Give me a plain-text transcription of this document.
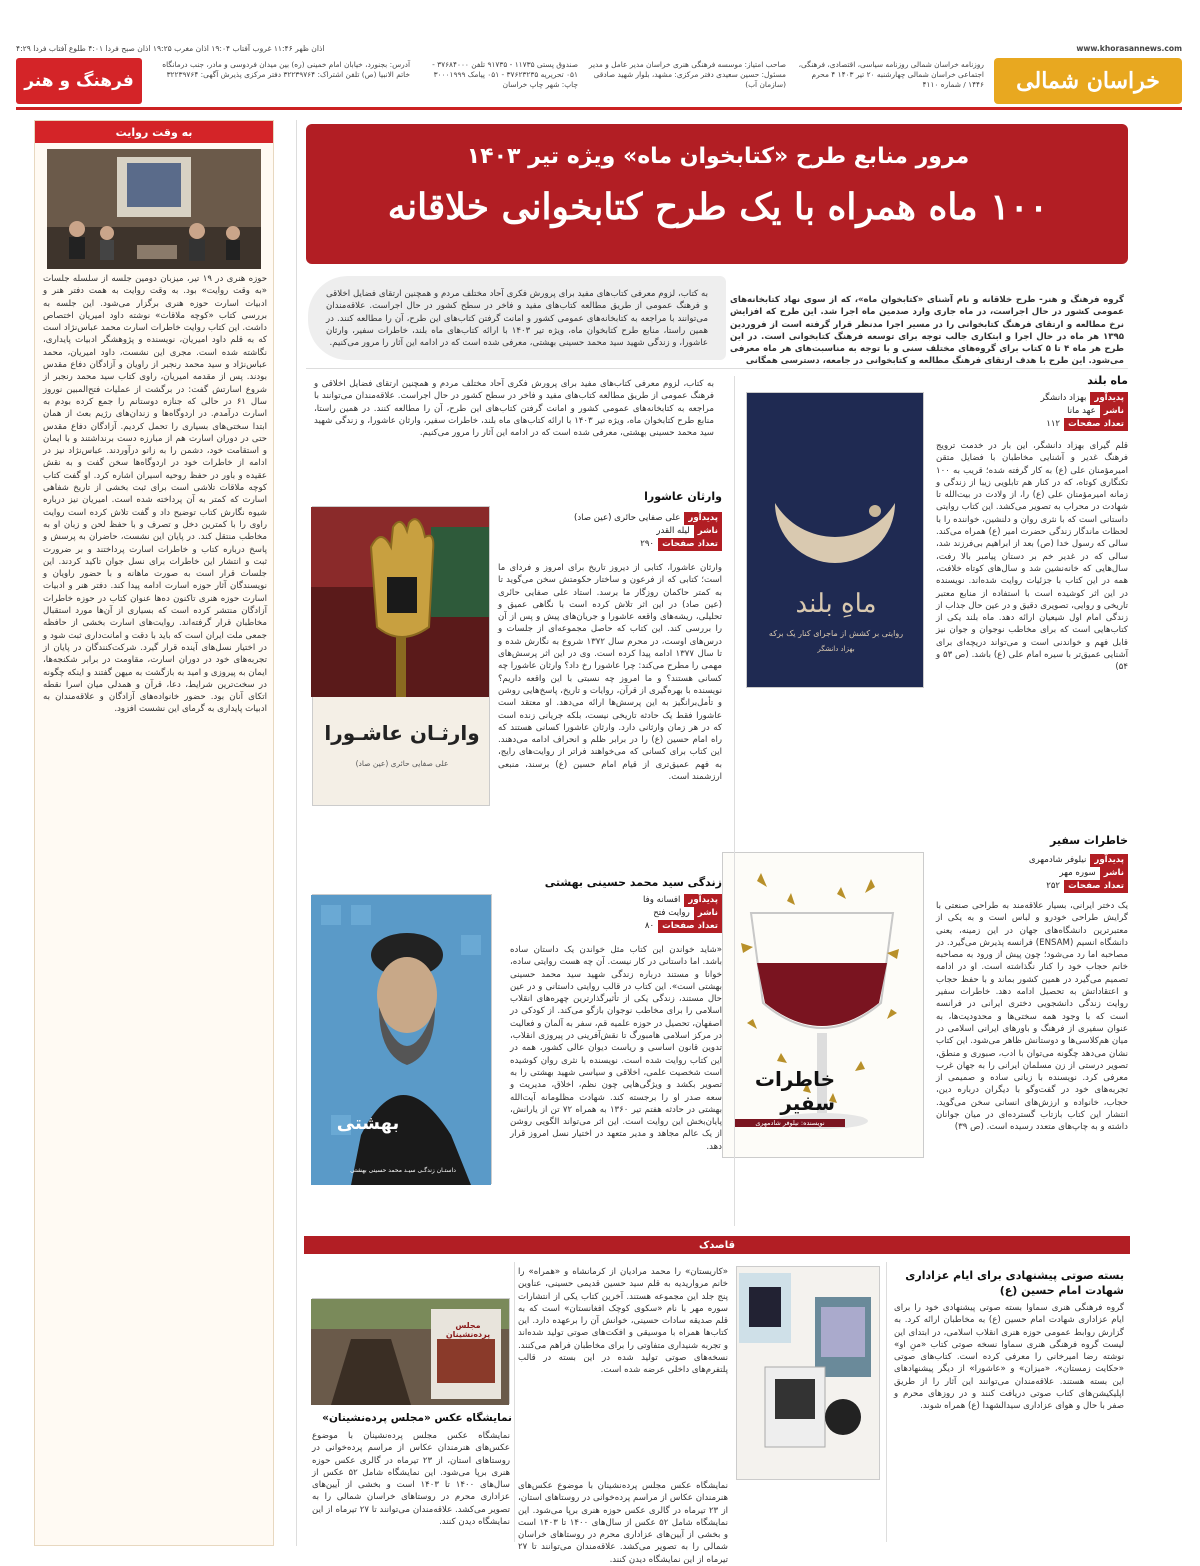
www.khorasannews.com
اذان ظهر ۱۱:۴۶ غروب آفتاب ۱۹:۰۴ اذان مغرب ۱۹:۲۵ اذان صبح فردا ۴:۰۱ طلوع آفتاب فردا ۴:۲۹
خراسان شمالی
روزنامه خراسان شمالی روزنامه سیاسی، اقتصادی، فرهنگی، اجتماعی خراسان شمالی چهارشنبه ۲۰ تیر ۱۴۰۳ ۴ محرم ۱۴۴۶ / شماره ۴۱۱۰
صاحب امتیاز: موسسه فرهنگی هنری خراسان مدیر عامل و مدیر مسئول: حسین سعیدی دفتر مرکزی: مشهد، بلوار شهید صادقی (سازمان آب)
صندوق پستی ۱۱۷۳۵ - ۹۱۷۳۵ تلفن ۳۷۶۸۴۰۰۰ - ۰۵۱ تحریریه ۳۷۶۲۳۲۳۵ - ۰۵۱ پیامک ۳۰۰۰۱۹۹۹ چاپ: شهر چاپ خراسان
آدرس: بجنورد، خیابان امام خمینی (ره) بین میدان فردوسی و مادر، جنب درمانگاه خاتم الانبیا (ص) تلفن اشتراک: ۳۲۲۳۹۷۶۴ دفتر مرکزی پذیرش آگهی: ۳۲۲۳۹۷۶۴
فرهنگ و هنر
به وقت روایت
حوزه هنری در ۱۹ تیر، میزبان دومین جلسه از سلسله جلسات «به وقت روایت» بود. به وقت روایت به همت دفتر هنر و ادبیات اسارت حوزه هنری برگزار می‌شود. این جلسه به بررسی کتاب «کوچه ملاقات» نوشته داود امیریان اختصاص داشت. این کتاب روایت خاطرات اسارت محمد عباس‌نژاد است که به قلم داود امیریان، نویسنده و پژوهشگر ادبیات پایداری، نگاشته شده است. مجری این نشست، داود امیریان، محمد عباس‌نژاد و سید محمد رنجبر از راویان و آزادگان دفاع مقدس بودند. پس از مقدمه امیریان، راوی کتاب سید محمد رنجبر از شروع اسارتش گفت: در برگشت از عملیات فتح‌المبین نوروز سال ۶۱ در حالی که جنازه دوستانم را جمع کرده بودم به اسارت درآمدم. در اردوگاه‌ها و زندان‌های رژیم بعث از همان ابتدا سختی‌های بسیاری را تحمل کردیم. آزادگان دفاع مقدس حتی در دوران اسارت هم از مبارزه دست برنداشتند و با ایمان و استقامت خود، دشمن را به زانو درآوردند. عباس‌نژاد نیز در ادامه از خاطرات خود در اردوگاه‌ها سخن گفت و به نقش عقیده و باور در حفظ روحیه اسیران اشاره کرد. او گفت کتاب کوچه ملاقات تلاشی است برای ثبت بخشی از تاریخ شفاهی اسارت که کمتر به آن پرداخته شده است. امیریان نیز درباره شیوه نگارش کتاب توضیح داد و گفت تلاش کرده است روایت راوی را با کمترین دخل و تصرف و با حفظ لحن و زبان او به مخاطب منتقل کند. در پایان این نشست، حاضران به پرسش و پاسخ درباره کتاب و خاطرات اسارت پرداختند و بر ضرورت ثبت و انتشار این خاطرات برای نسل جوان تاکید کردند. این جلسات قرار است به صورت ماهانه و با حضور راویان و نویسندگان آثار حوزه اسارت ادامه پیدا کند. دفتر هنر و ادبیات اسارت حوزه هنری تاکنون ده‌ها عنوان کتاب در حوزه خاطرات آزادگان منتشر کرده است که بسیاری از آن‌ها مورد استقبال مخاطبان قرار گرفته‌اند. روایت‌های اسارت بخشی از حافظه جمعی ملت ایران است که باید با دقت و امانت‌داری ثبت شود و در اختیار نسل‌های آینده قرار گیرد. شرکت‌کنندگان در پایان از تجربه‌های خود در دوران اسارت، مقاومت در برابر شکنجه‌ها، ایمان به پیروزی و امید به بازگشت به میهن گفتند و اینکه چگونه در سخت‌ترین شرایط، دعا، قرآن و همدلی میان اسرا نقطه اتکای آنان بود. حضور خانواده‌های آزادگان و علاقه‌مندان به ادبیات پایداری به گرمای این نشست افزود.
مرور منابع طرح «کتابخوان ماه» ویژه تیر ۱۴۰۳
۱۰۰ ماه همراه با یک طرح کتابخوانی خلاقانه
گروه فرهنگ و هنر- طرح خلاقانه و نام آشنای «کتابخوان ماه»، که از سوی نهاد کتابخانه‌های عمومی کشور در حال اجراست، در ماه جاری وارد صدمین ماه اجرا شد. این طرح که افزایش نرخ مطالعه و ارتقای فرهنگ کتابخوانی را در مسیر اجرا مدنظر قرار گرفته است از فروردین ۱۳۹۵ هر ماه در حال اجرا و ابتکاری جالب توجه برای توسعه فرهنگ کتابخوانی است. در این طرح هر ماه ۴ تا ۵ کتاب برای گروه‌های مختلف سنی و با توجه به مناسبت‌های هر ماه معرفی می‌شود. این طرح با هدف ارتقای فرهنگ مطالعه و کتابخوانی در جامعه، دسترسی همگانی
به کتاب، لزوم معرفی کتاب‌های مفید برای پرورش فکری آحاد مختلف مردم و همچنین ارتقای فضایل اخلاقی و فرهنگ عمومی از طریق مطالعه کتاب‌های مفید و فاخر در سطح کشور در حال اجراست. علاقه‌مندان می‌توانند با مراجعه به کتابخانه‌های عمومی کشور و امانت گرفتن کتاب‌های این طرح، آن را مطالعه کنند. در همین راستا، منابع طرح کتابخوان ماه، ویژه تیر ۱۴۰۳ با ارائه کتاب‌های ماه بلند، خاطرات سفیر، وارثان عاشورا، و زندگی شهید سید محمد حسینی بهشتی، معرفی شده است که در ادامه این آثار را مرور می‌کنیم.
ماه بلند
پدیدآور
بهزاد دانشگر
ناشر
عهد مانا
تعداد صفحات
۱۱۲
ماهِ بلند
روایتی بر کشش از ماجرای کنار یک برکه
بهزاد دانشگر
قلم گیرای بهزاد دانشگر، این بار در خدمت ترویج فرهنگ غدیر و آشنایی مخاطبان با فضایل متقن امیرمؤمنان علی (ع) به کار گرفته شده؛ قریب به ۱۰۰ تکنگاری کوتاه، که در کنار هم تابلویی زیبا از زندگی و زمانه امیرمؤمنان علی (ع) را، از ولادت در بیت‌الله تا شهادت در محراب به تصویر می‌کشد. این کتاب روایتی داستانی است که با نثری روان و دلنشین، خواننده را با لحظات ماندگار زندگی حضرت امیر (ع) همراه می‌کند. سالی که رسول خدا (ص) بعد از ابراهیم بی‌فرزند شد، سالی که در غدیر خم بر دستان پیامبر بالا رفت، سال‌هایی که خانه‌نشین شد و سال‌های کوتاه خلافت، همه در این کتاب با جزئیات روایت شده‌اند. نویسنده در این اثر کوشیده است با استفاده از منابع معتبر تاریخی و روایی، تصویری دقیق و در عین حال جذاب از زندگی امام اول شیعیان ارائه دهد. ماه بلند یکی از کتاب‌هایی است که برای مخاطب نوجوان و جوان نیز قابل فهم و خواندنی است و می‌تواند دریچه‌ای برای آشنایی عمیق‌تر با سیره امام علی (ع) باشد. (ص ۵۳ و ۵۴)
خاطرات سفیر
پدیدآور
نیلوفر شادمهری
ناشر
سوره مهر
تعداد صفحات
۲۵۲
خاطرات سفیر
نویسنده: نیلوفر شادمهری
یک دختر ایرانی، بسیار علاقه‌مند به طراحی صنعتی با گرایش طراحی خودرو و لباس است و به یکی از معتبرترین دانشگاه‌های جهان در این زمینه، یعنی دانشگاه انسیم (ENSAM) فرانسه پذیرش می‌گیرد. در مصاحبه اما رد می‌شود؛ چون پیش از ورود به مصاحبه خانم حجاب خود را کنار نگذاشته است. او در ادامه تصمیم می‌گیرد در همین کشور بماند و با حفظ حجاب و اعتقاداتش به تحصیل ادامه دهد. خاطرات سفیر روایت زندگی دانشجویی دختری ایرانی در فرانسه است که با وجود همه سختی‌ها و محدودیت‌ها، به عنوان سفیری از فرهنگ و باورهای ایرانی اسلامی در میان هم‌کلاسی‌ها و دوستانش ظاهر می‌شود. این کتاب نشان می‌دهد چگونه می‌توان با ادب، صبوری و منطق، تصویر درستی از زن مسلمان ایرانی را به جهان غرب معرفی کرد. نویسنده با زبانی ساده و صمیمی از تجربه‌های خود در گفت‌وگو با دیگران درباره دین، حجاب، خانواده و ارزش‌های انسانی سخن می‌گوید. انتشار این کتاب بازتاب گسترده‌ای در میان جوانان داشته و به چاپ‌های متعدد رسیده است. (ص ۳۹)
وارثـان عاشـورا
علی صفایی حائری (عین صاد)
وارثان عاشورا
پدیدآور
علی صفایی حائری (عین صاد)
ناشر
لیله القدر
تعداد صفحات
۲۹۰
وارثان عاشورا، کتابی از دیروز تاریخ برای امروز و فردای ما است؛ کتابی که از فرعون و ساختار حکومتش سخن می‌گوید تا به کمتر حاکمان روزگار ما برسد. استاد علی صفایی حائری (عین صاد) در این اثر تلاش کرده است با نگاهی عمیق و تحلیلی، ریشه‌های واقعه عاشورا و جریان‌های پیش و پس از آن را بررسی کند. این کتاب که حاصل مجموعه‌ای از جلسات و درس‌های اوست، در محرم سال ۱۳۷۲ شروع به نگارش شده و تا سال ۱۳۷۷ ادامه پیدا کرده است. وی در این اثر پرسش‌های مهمی را مطرح می‌کند: چرا عاشورا رخ داد؟ وارثان عاشورا چه کسانی هستند؟ و ما امروز چه نسبتی با این واقعه داریم؟ نویسنده با بهره‌گیری از قرآن، روایات و تاریخ، پاسخ‌هایی روشن و تأمل‌برانگیز به این پرسش‌ها ارائه می‌دهد. او معتقد است عاشورا فقط یک حادثه تاریخی نیست، بلکه جریانی زنده است که در هر زمان وارثانی دارد. وارثان عاشورا کسانی هستند که راه امام حسین (ع) را در برابر ظلم و انحراف ادامه می‌دهند. این کتاب برای کسانی که می‌خواهند فراتر از روایت‌های رایج، به فهم عمیق‌تری از قیام امام حسین (ع) برسند، منبعی ارزشمند است.
به کتاب، لزوم معرفی کتاب‌های مفید برای پرورش فکری آحاد مختلف مردم و همچنین ارتقای فضایل اخلاقی و فرهنگ عمومی از طریق مطالعه کتاب‌های مفید و فاخر در سطح کشور در حال اجراست. علاقه‌مندان می‌توانند با مراجعه به کتابخانه‌های عمومی کشور و امانت گرفتن کتاب‌های این طرح، آن را مطالعه کنند. در همین راستا، منابع طرح کتابخوان ماه، ویژه تیر ۱۴۰۳ با ارائه کتاب‌های ماه بلند، خاطرات سفیر، وارثان عاشورا، و زندگی شهید سید محمد حسینی بهشتی، معرفی شده است که در ادامه این آثار را مرور می‌کنیم.
بهشتی
داستـان زندگـی سیـد محمد حسینی بهشتی
زندگی سید محمد حسینی بهشتی
پدیدآور
افسانه وفا
ناشر
روایت فتح
تعداد صفحات
۸۰
«شاید خواندن این کتاب مثل خواندن یک داستان ساده باشد. اما داستانی در کار نیست. آن چه هست روایتی ساده، خوانا و مستند درباره زندگی شهید سید محمد حسینی بهشتی است». این کتاب در قالب روایتی داستانی و در عین حال مستند، زندگی یکی از تأثیرگذارترین چهره‌های انقلاب اسلامی را برای مخاطب نوجوان بازگو می‌کند. از کودکی در اصفهان، تحصیل در حوزه علمیه قم، سفر به آلمان و فعالیت در مرکز اسلامی هامبورگ تا نقش‌آفرینی در پیروزی انقلاب، تدوین قانون اساسی و ریاست دیوان عالی کشور، همه در این کتاب روایت شده است. نویسنده با نثری روان کوشیده است شخصیت علمی، اخلاقی و سیاسی شهید بهشتی را به تصویر بکشد و ویژگی‌هایی چون نظم، اخلاق، مدیریت و سعه صدر او را برجسته کند. شهادت مظلومانه آیت‌الله بهشتی در حادثه هفتم تیر ۱۳۶۰ به همراه ۷۲ تن از یارانش، پایان‌بخش این روایت است. این اثر می‌تواند الگویی روشن از یک عالم مجاهد و مدیر متعهد در اختیار نسل امروز قرار دهد.
قاصدک
بسته صوتی پیشنهادی برای ایام عزاداری شهادت امام حسین (ع)
گروه فرهنگی هنری سماوا بسته صوتی پیشنهادی خود را برای ایام عزاداری شهادت امام حسین (ع) به مخاطبان ارائه کرد. به گزارش روابط عمومی حوزه هنری انقلاب اسلامی، در ابتدای این لیست گروه فرهنگی هنری سماوا نسخه صوتی کتاب «منِ او» نوشته رضا امیرخانی را معرفی کرده است. کتاب‌های صوتی «حکایت زمستان»، «میزان» و «عاشورا» از دیگر پیشنهادهای این بسته هستند. علاقه‌مندان می‌توانند این آثار را از طریق اپلیکیشن‌های کتاب صوتی دریافت کنند و در روزهای محرم و صفر با حال و هوای عزاداری سیدالشهدا (ع) همراه شوند.
«کاریستان» را محمد مرادیان از کرمانشاه و «همراه» را خانم مرواریدیه به قلم سید حسین قدیمی حسینی، عناوین پنج جلد این مجموعه هستند. آخرین کتاب یکی از انتشارات سوره مهر با نام «سکوی کوچک افغانستان» است که به قلم صدیقه سادات حسینی، خوانش آن را برعهده دارد. این کتاب‌ها همراه با موسیقی و افکت‌های صوتی تولید شده‌اند و تجربه شنیداری متفاوتی را برای مخاطبان فراهم می‌کنند. نسخه‌های صوتی تولید شده در این بسته در قالب پلتفرم‌های داخلی عرضه شده است.
مجلس پرده‌نشینان
نمایشگاه عکس «مجلس پرده‌نشینان»
نمایشگاه عکس مجلس پرده‌نشینان با موضوع عکس‌های هنرمندان عکاس از مراسم پرده‌خوانی در روستاهای استان، از ۲۳ تیرماه در گالری عکس حوزه هنری برپا می‌شود. این نمایشگاه شامل ۵۲ عکس از سال‌های ۱۴۰۰ تا ۱۴۰۳ است و بخشی از آیین‌های عزاداری محرم در روستاهای خراسان شمالی را به تصویر می‌کشد. علاقه‌مندان می‌توانند تا ۲۷ تیرماه از این نمایشگاه دیدن کنند.
نمایشگاه عکس مجلس پرده‌نشینان با موضوع عکس‌های هنرمندان عکاس از مراسم پرده‌خوانی در روستاهای استان، از ۲۳ تیرماه در گالری عکس حوزه هنری برپا می‌شود. این نمایشگاه شامل ۵۲ عکس از سال‌های ۱۴۰۰ تا ۱۴۰۳ است و بخشی از آیین‌های عزاداری محرم در روستاهای خراسان شمالی را به تصویر می‌کشد. علاقه‌مندان می‌توانند تا ۲۷ تیرماه از این نمایشگاه دیدن کنند.
